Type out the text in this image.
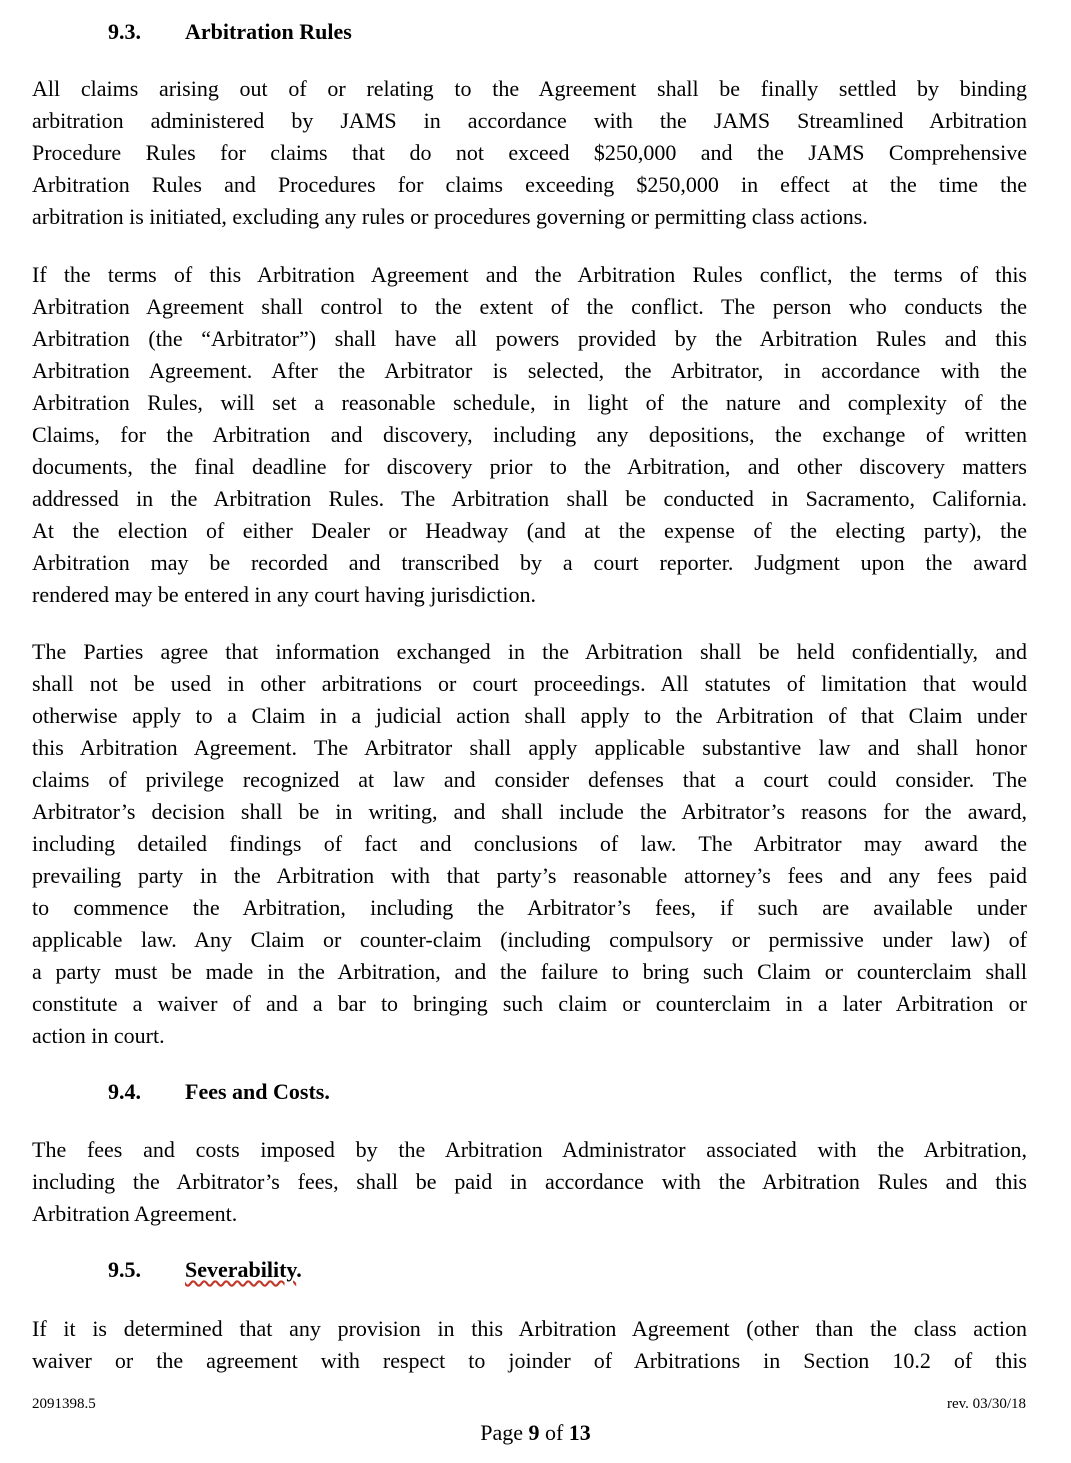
9.3. Arbitration Rules
All claims arising out of or relating to the Agreement shall be finally settled by binding
arbitration administered by JAMS in accordance with the JAMS Streamlined Arbitration
Procedure Rules for claims that do not exceed $250,000 and the JAMS Comprehensive
Arbitration Rules and Procedures for claims exceeding $250,000 in effect at the time the
arbitration is initiated, excluding any rules or procedures governing or permitting class actions.
If the terms of this Arbitration Agreement and the Arbitration Rules conflict, the terms of this
Arbitration Agreement shall control to the extent of the conflict. The person who conducts the
Arbitration (the “Arbitrator”) shall have all powers provided by the Arbitration Rules and this
Arbitration Agreement. After the Arbitrator is selected, the Arbitrator, in accordance with the
Arbitration Rules, will set a reasonable schedule, in light of the nature and complexity of the
Claims, for the Arbitration and discovery, including any depositions, the exchange of written
documents, the final deadline for discovery prior to the Arbitration, and other discovery matters
addressed in the Arbitration Rules. The Arbitration shall be conducted in Sacramento, California.
At the election of either Dealer or Headway (and at the expense of the electing party), the
Arbitration may be recorded and transcribed by a court reporter. Judgment upon the award
rendered may be entered in any court having jurisdiction.
The Parties agree that information exchanged in the Arbitration shall be held confidentially, and
shall not be used in other arbitrations or court proceedings. All statutes of limitation that would
otherwise apply to a Claim in a judicial action shall apply to the Arbitration of that Claim under
this Arbitration Agreement. The Arbitrator shall apply applicable substantive law and shall honor
claims of privilege recognized at law and consider defenses that a court could consider. The
Arbitrator’s decision shall be in writing, and shall include the Arbitrator’s reasons for the award,
including detailed findings of fact and conclusions of law. The Arbitrator may award the
prevailing party in the Arbitration with that party’s reasonable attorney’s fees and any fees paid
to commence the Arbitration, including the Arbitrator’s fees, if such are available under
applicable law. Any Claim or counter-claim (including compulsory or permissive under law) of
a party must be made in the Arbitration, and the failure to bring such Claim or counterclaim shall
constitute a waiver of and a bar to bringing such claim or counterclaim in a later Arbitration or
action in court.
9.4. Fees and Costs.
The fees and costs imposed by the Arbitration Administrator associated with the Arbitration,
including the Arbitrator’s fees, shall be paid in accordance with the Arbitration Rules and this
Arbitration Agreement.
9.5. Severability.
If it is determined that any provision in this Arbitration Agreement (other than the class action
waiver or the agreement with respect to joinder of Arbitrations in Section 10.2 of this
2091398.5	rev. 03/30/18
Page 9 of 13
